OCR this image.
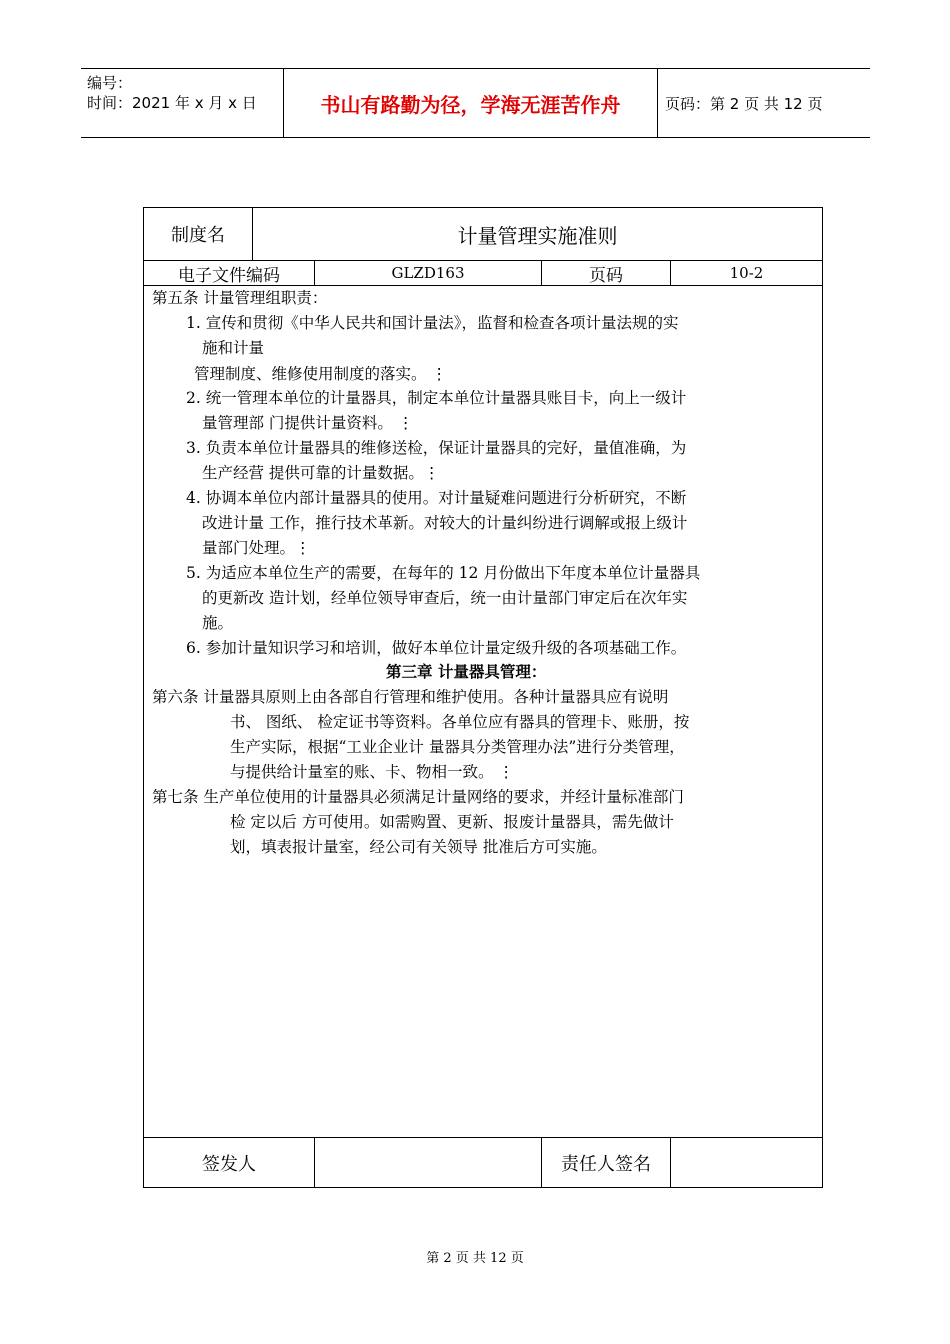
编号：
时间：2021 年 x 月 x 日	书山有路勤为径，学海无涯苦作舟	页码：第 2 页 共 12 页
制度名	计量管理实施准则
电子文件编码	GLZD163	页码	10-2
第五条 计量管理组职责：
1. 宣传和贯彻《中华人民共和国计量法》，监督和检查各项计量法规的实
施和计量
管理制度、维修使用制度的落实。 ⋮
2. 统一管理本单位的计量器具，制定本单位计量器具账目卡，向上一级计
量管理部 门提供计量资料。 ⋮
3. 负责本单位计量器具的维修送检，保证计量器具的完好，量值准确，为
生产经营 提供可靠的计量数据。⋮
4. 协调本单位内部计量器具的使用。对计量疑难问题进行分析研究，不断
改进计量 工作，推行技术革新。对较大的计量纠纷进行调解或报上级计
量部门处理。⋮
5. 为适应本单位生产的需要，在每年的 12 月份做出下年度本单位计量器具
的更新改 造计划，经单位领导审查后，统一由计量部门审定后在次年实
施。
6. 参加计量知识学习和培训，做好本单位计量定级升级的各项基础工作。
第三章 计量器具管理：
第六条 计量器具原则上由各部自行管理和维护使用。各种计量器具应有说明
书、 图纸、 检定证书等资料。各单位应有器具的管理卡、账册，按
生产实际，根据“工业企业计 量器具分类管理办法”进行分类管理，
与提供给计量室的账、卡、物相一致。 ⋮
第七条 生产单位使用的计量器具必须满足计量网络的要求，并经计量标准部门
检 定以后 方可使用。如需购置、更新、报废计量器具，需先做计
划，填表报计量室，经公司有关领导 批准后方可实施。
签发人	责任人签名
第 2 页 共 12 页
